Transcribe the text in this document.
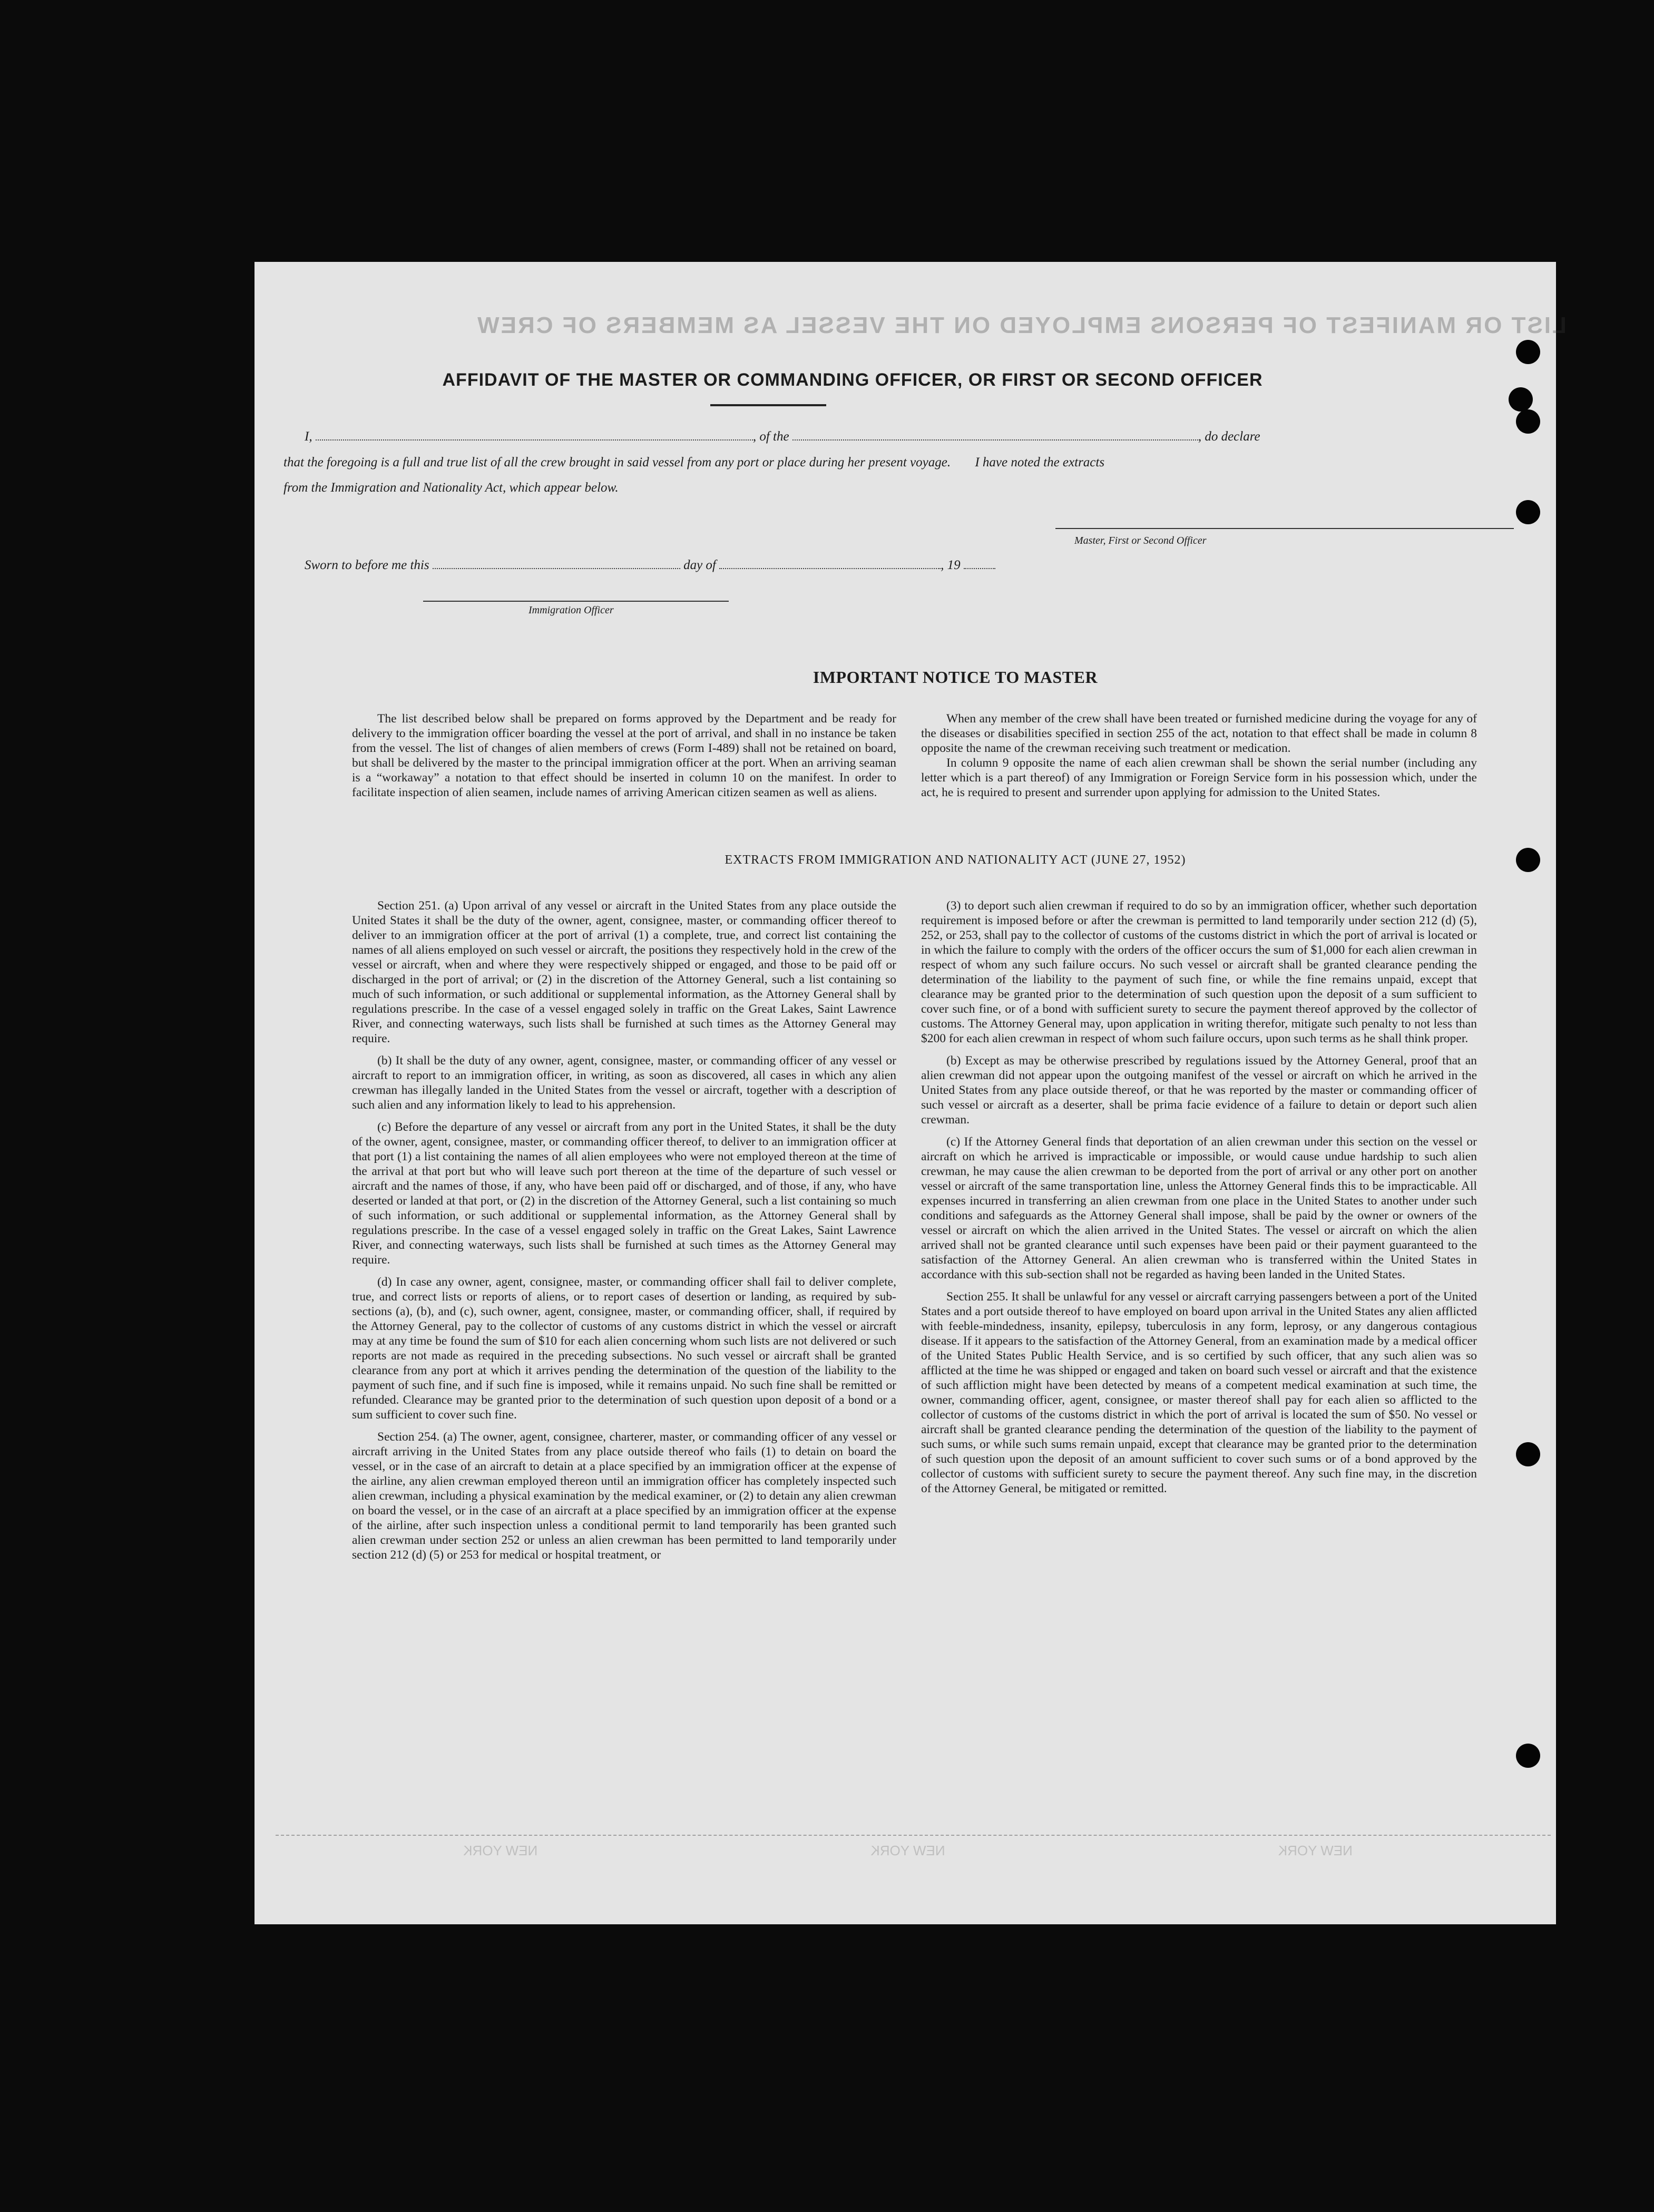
LIST OR MANIFEST OF PERSONS EMPLOYED ON THE VESSEL AS MEMBERS OF CREW
AFFIDAVIT OF THE MASTER OR COMMANDING OFFICER, OR FIRST OR SECOND OFFICER
I,	, of the	, do declare
that the foregoing is a full and true list of all the crew brought in said vessel from any port or place during her present voyage. I have noted the extracts
from the Immigration and Nationality Act, which appear below.
Master, First or Second Officer
Sworn to before me this	day of	, 19
Immigration Officer
IMPORTANT NOTICE TO MASTER

The list described below shall be prepared on forms approved by the Department and be ready for delivery to the immigration officer boarding the vessel at the port of arrival, and shall in no instance be taken from the vessel. The list of changes of alien members of crews (Form I-489) shall not be retained on board, but shall be delivered by the master to the principal immigration officer at the port. When an arriving seaman is a “workaway” a notation to that effect should be inserted in column 10 on the manifest. In order to facilitate inspection of alien seamen, include names of arriving American citizen seamen as well as aliens.

When any member of the crew shall have been treated or furnished medicine during the voyage for any of the diseases or disabilities specified in section 255 of the act, notation to that effect shall be made in column 8 opposite the name of the crewman receiving such treatment or medication.

In column 9 opposite the name of each alien crewman shall be shown the serial number (including any letter which is a part thereof) of any Immigration or Foreign Service form in his possession which, under the act, he is required to present and surrender upon applying for admission to the United States.

EXTRACTS FROM IMMIGRATION AND NATIONALITY ACT (JUNE 27, 1952)

Section 251. (a) Upon arrival of any vessel or aircraft in the United States from any place outside the United States it shall be the duty of the owner, agent, consignee, master, or commanding officer thereof to deliver to an immigration officer at the port of arrival (1) a complete, true, and correct list containing the names of all aliens employed on such vessel or aircraft, the positions they respectively hold in the crew of the vessel or aircraft, when and where they were respectively shipped or engaged, and those to be paid off or discharged in the port of arrival; or (2) in the discretion of the Attorney General, such a list containing so much of such information, or such additional or supplemental information, as the Attorney General shall by regulations prescribe. In the case of a vessel engaged solely in traffic on the Great Lakes, Saint Lawrence River, and connecting waterways, such lists shall be furnished at such times as the Attorney General may require.

(b) It shall be the duty of any owner, agent, consignee, master, or commanding officer of any vessel or aircraft to report to an immigration officer, in writing, as soon as discovered, all cases in which any alien crewman has illegally landed in the United States from the vessel or aircraft, together with a description of such alien and any information likely to lead to his apprehension.

(c) Before the departure of any vessel or aircraft from any port in the United States, it shall be the duty of the owner, agent, consignee, master, or commanding officer thereof, to deliver to an immigration officer at that port (1) a list containing the names of all alien employees who were not employed thereon at the time of the arrival at that port but who will leave such port thereon at the time of the departure of such vessel or aircraft and the names of those, if any, who have been paid off or discharged, and of those, if any, who have deserted or landed at that port, or (2) in the discretion of the Attorney General, such a list containing so much of such information, or such additional or supplemental information, as the Attorney General shall by regulations prescribe. In the case of a vessel engaged solely in traffic on the Great Lakes, Saint Lawrence River, and connecting waterways, such lists shall be furnished at such times as the Attorney General may require.

(d) In case any owner, agent, consignee, master, or commanding officer shall fail to deliver complete, true, and correct lists or reports of aliens, or to report cases of desertion or landing, as required by sub-sections (a), (b), and (c), such owner, agent, consignee, master, or commanding officer, shall, if required by the Attorney General, pay to the collector of customs of any customs district in which the vessel or aircraft may at any time be found the sum of $10 for each alien concerning whom such lists are not delivered or such reports are not made as required in the preceding subsections. No such vessel or aircraft shall be granted clearance from any port at which it arrives pending the determination of the question of the liability to the payment of such fine, and if such fine is imposed, while it remains unpaid. No such fine shall be remitted or refunded. Clearance may be granted prior to the determination of such question upon deposit of a bond or a sum sufficient to cover such fine.

Section 254. (a) The owner, agent, consignee, charterer, master, or commanding officer of any vessel or aircraft arriving in the United States from any place outside thereof who fails (1) to detain on board the vessel, or in the case of an aircraft to detain at a place specified by an immigration officer at the expense of the airline, any alien crewman employed thereon until an immigration officer has completely inspected such alien crewman, including a physical examination by the medical examiner, or (2) to detain any alien crewman on board the vessel, or in the case of an aircraft at a place specified by an immigration officer at the expense of the airline, after such inspection unless a conditional permit to land temporarily has been granted such alien crewman under section 252 or unless an alien crewman has been permitted to land temporarily under section 212 (d) (5) or 253 for medical or hospital treatment, or

(3) to deport such alien crewman if required to do so by an immigration officer, whether such deportation requirement is imposed before or after the crewman is permitted to land temporarily under section 212 (d) (5), 252, or 253, shall pay to the collector of customs of the customs district in which the port of arrival is located or in which the failure to comply with the orders of the officer occurs the sum of $1,000 for each alien crewman in respect of whom any such failure occurs. No such vessel or aircraft shall be granted clearance pending the determination of the liability to the payment of such fine, or while the fine remains unpaid, except that clearance may be granted prior to the determination of such question upon the deposit of a sum sufficient to cover such fine, or of a bond with sufficient surety to secure the payment thereof approved by the collector of customs. The Attorney General may, upon application in writing therefor, mitigate such penalty to not less than $200 for each alien crewman in respect of whom such failure occurs, upon such terms as he shall think proper.

(b) Except as may be otherwise prescribed by regulations issued by the Attorney General, proof that an alien crewman did not appear upon the outgoing manifest of the vessel or aircraft on which he arrived in the United States from any place outside thereof, or that he was reported by the master or commanding officer of such vessel or aircraft as a deserter, shall be prima facie evidence of a failure to detain or deport such alien crewman.

(c) If the Attorney General finds that deportation of an alien crewman under this section on the vessel or aircraft on which he arrived is impracticable or impossible, or would cause undue hardship to such alien crewman, he may cause the alien crewman to be deported from the port of arrival or any other port on another vessel or aircraft of the same transportation line, unless the Attorney General finds this to be impracticable. All expenses incurred in transferring an alien crewman from one place in the United States to another under such conditions and safeguards as the Attorney General shall impose, shall be paid by the owner or owners of the vessel or aircraft on which the alien arrived in the United States. The vessel or aircraft on which the alien arrived shall not be granted clearance until such expenses have been paid or their payment guaranteed to the satisfaction of the Attorney General. An alien crewman who is transferred within the United States in accordance with this sub-section shall not be regarded as having been landed in the United States.

Section 255. It shall be unlawful for any vessel or aircraft carrying passengers between a port of the United States and a port outside thereof to have employed on board upon arrival in the United States any alien afflicted with feeble-mindedness, insanity, epilepsy, tuberculosis in any form, leprosy, or any dangerous contagious disease. If it appears to the satisfaction of the Attorney General, from an examination made by a medical officer of the United States Public Health Service, and is so certified by such officer, that any such alien was so afflicted at the time he was shipped or engaged and taken on board such vessel or aircraft and that the existence of such affliction might have been detected by means of a competent medical examination at such time, the owner, commanding officer, agent, consignee, or master thereof shall pay for each alien so afflicted to the collector of customs of the customs district in which the port of arrival is located the sum of $50. No vessel or aircraft shall be granted clearance pending the determination of the question of the liability to the payment of such sums, or while such sums remain unpaid, except that clearance may be granted prior to the determination of such question upon the deposit of an amount sufficient to cover such sums or of a bond approved by the collector of customs with sufficient surety to secure the payment thereof. Any such fine may, in the discretion of the Attorney General, be mitigated or remitted.

NEW YORK
NEW YORK
NEW YORK
